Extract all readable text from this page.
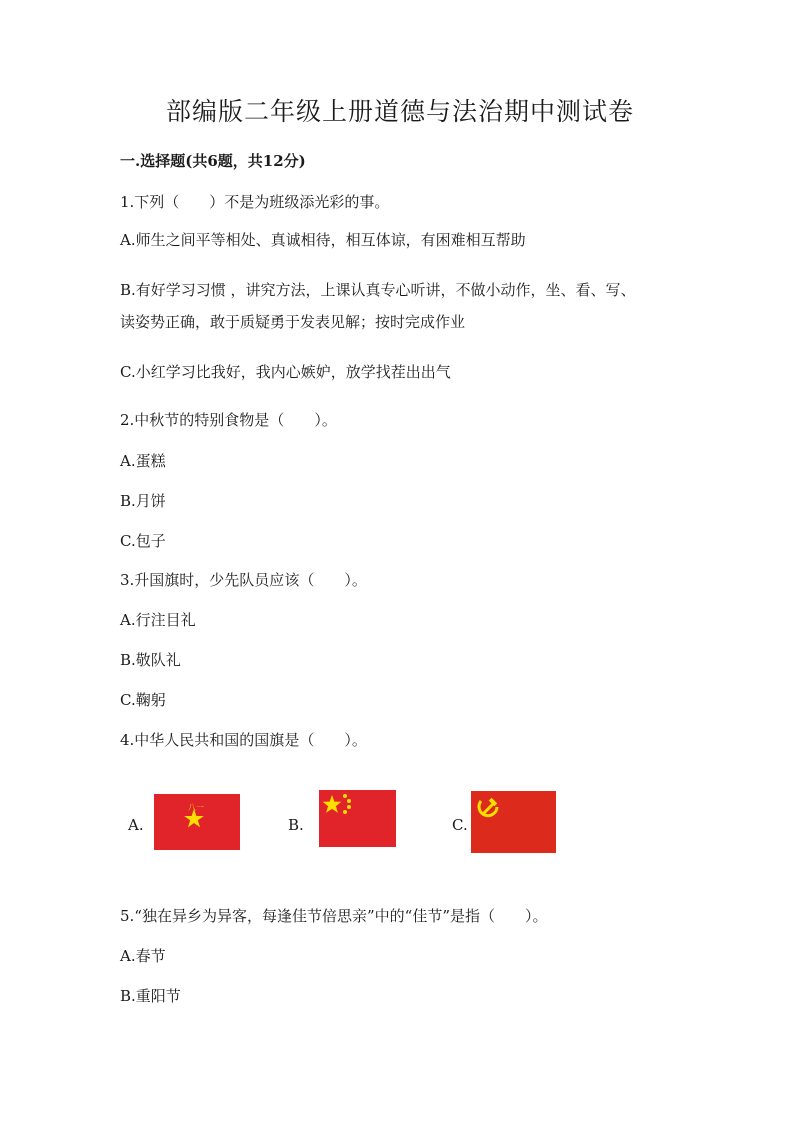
部编版二年级上册道德与法治期中测试卷
一.选择题(共6题，共12分)
1.下列（　　）不是为班级添光彩的事。
A.师生之间平等相处、真诚相待，相互体谅，有困难相互帮助
B.有好学习习惯 ，讲究方法，上课认真专心听讲，不做小动作，坐、看、写、
读姿势正确，敢于质疑勇于发表见解；按时完成作业
C.小红学习比我好，我内心嫉妒，放学找茬出出气
2.中秋节的特别食物是（　　）。
A.蛋糕
B.月饼
C.包子
3.升国旗时，少先队员应该（　　）。
A.行注目礼
B.敬队礼
C.鞠躬
4.中华人民共和国的国旗是（　　）。
A.
八一
B.	C.
5.“独在异乡为异客，每逢佳节倍思亲”中的“佳节”是指（　　）。
A.春节
B.重阳节
